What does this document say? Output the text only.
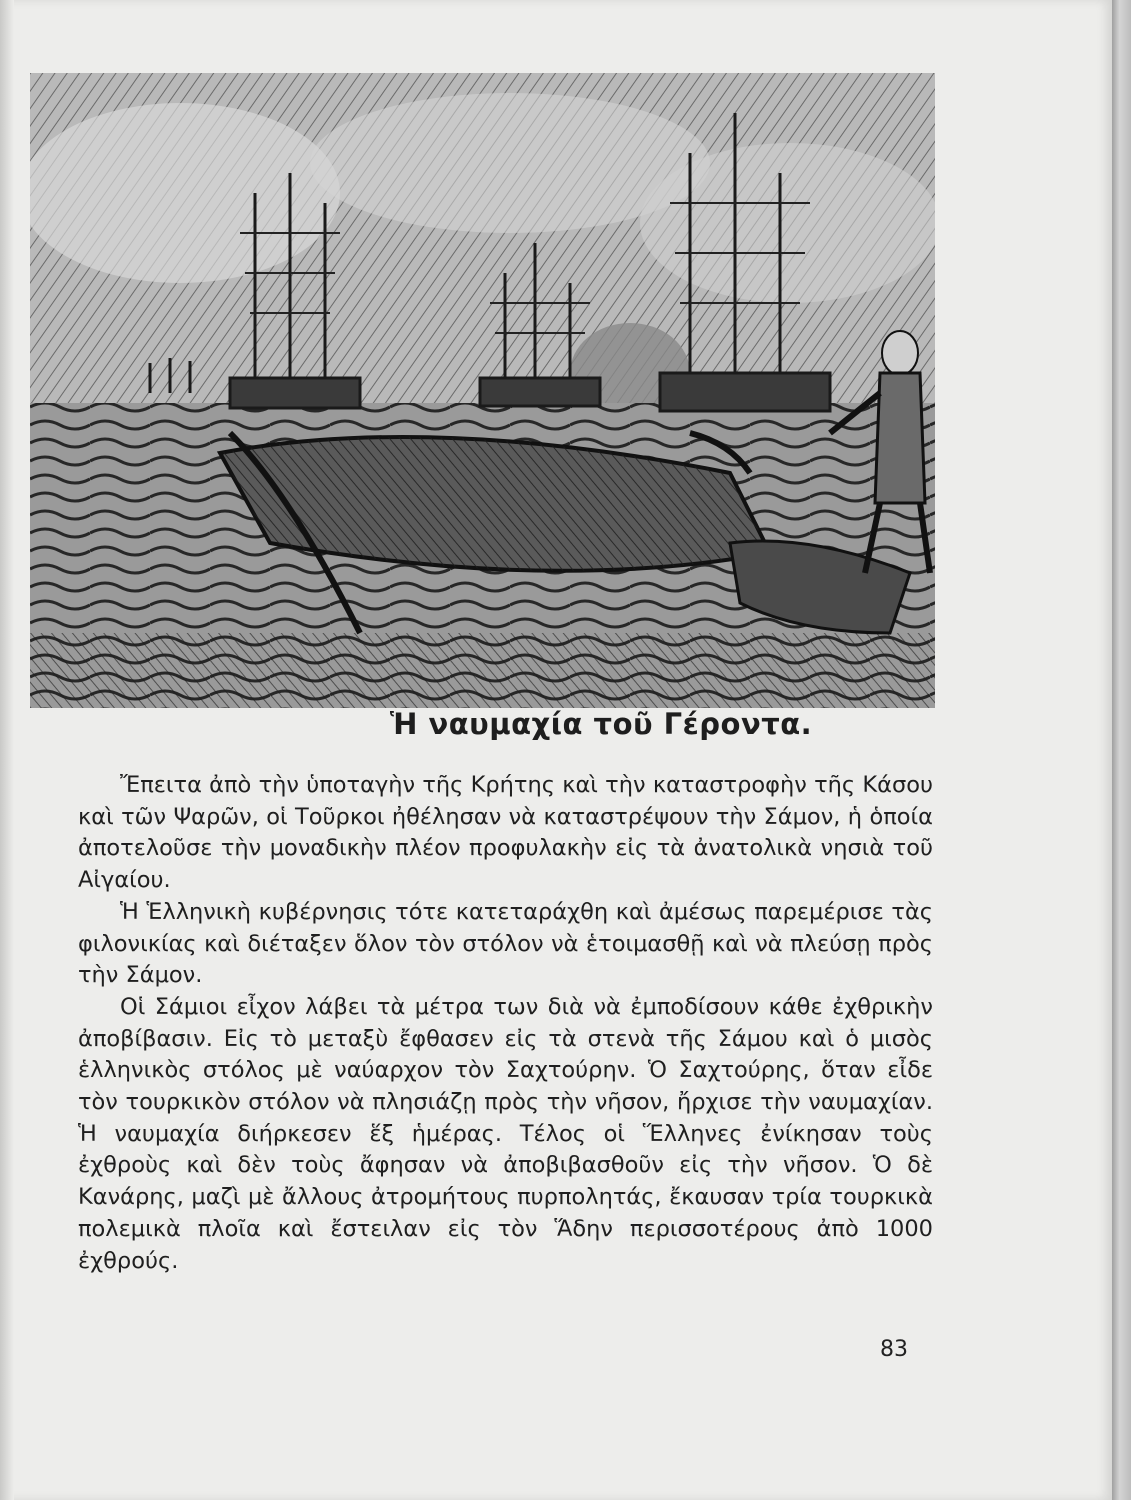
Ἡ ναυμαχία τοῦ Γέροντα.

Ἔπειτα ἀπὸ τὴν ὑποταγὴν τῆς Κρήτης καὶ τὴν καταστροφὴν τῆς Κάσου καὶ τῶν Ψαρῶν, οἱ Τοῦρκοι ἠθέλησαν νὰ καταστρέψουν τὴν Σάμον, ἡ ὁποία ἀποτελοῦσε τὴν μοναδικὴν πλέον προφυλακὴν εἰς τὰ ἀνατολικὰ νησιὰ τοῦ Αἰγαίου.

Ἡ Ἑλληνικὴ κυβέρνησις τότε κατεταράχθη καὶ ἀμέσως παρεμέρισε τὰς φιλονικίας καὶ διέταξεν ὅλον τὸν στόλον νὰ ἑτοιμασθῇ καὶ νὰ πλεύσῃ πρὸς τὴν Σάμον.

Οἱ Σάμιοι εἶχον λάβει τὰ μέτρα των διὰ νὰ ἐμποδίσουν κάθε ἐχθρικὴν ἀποβίβασιν. Εἰς τὸ μεταξὺ ἔφθασεν εἰς τὰ στενὰ τῆς Σάμου καὶ ὁ μισὸς ἑλληνικὸς στόλος μὲ ναύαρχον τὸν Σαχτούρην. Ὁ Σαχτούρης, ὅταν εἶδε τὸν τουρκικὸν στόλον νὰ πλησιάζῃ πρὸς τὴν νῆσον, ἤρχισε τὴν ναυμαχίαν. Ἡ ναυμαχία διήρκεσεν ἕξ ἡμέρας. Τέλος οἱ Ἕλληνες ἐνίκησαν τοὺς ἐχθροὺς καὶ δὲν τοὺς ἄφησαν νὰ ἀποβιβασθοῦν εἰς τὴν νῆσον. Ὁ δὲ Κανάρης, μαζὶ μὲ ἄλλους ἀτρομήτους πυρπολητάς, ἔκαυσαν τρία τουρκικὰ πολεμικὰ πλοῖα καὶ ἔστειλαν εἰς τὸν Ἅδην περισσοτέρους ἀπὸ 1000 ἐχθρούς.

83
